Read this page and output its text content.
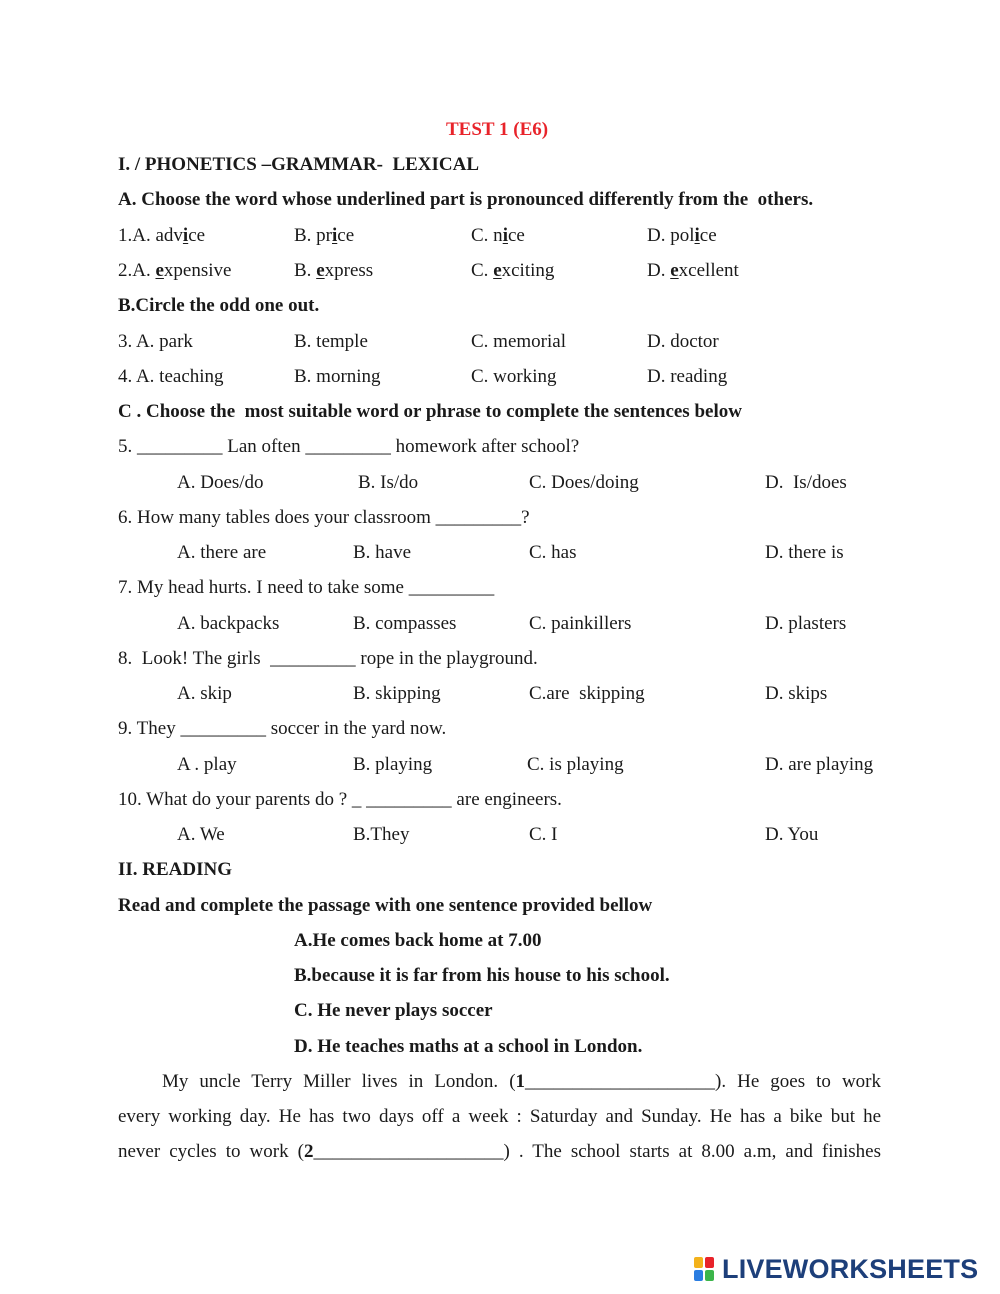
TEST 1 (E6)
I. / PHONETICS –GRAMMAR-  LEXICAL
A. Choose the word whose underlined part is pronounced differently from the  others.
1.A. advice	B. price	C. nice	D. police
2.A. expensive	B. express	C. exciting	D. excellent
B.Circle the odd one out.
3. A. park	B. temple	C. memorial	D. doctor
4. A. teaching	B. morning	C. working	D. reading
C . Choose the  most suitable word or phrase to complete the sentences below
5. _________ Lan often _________ homework after school?
A. Does/do	B. Is/do	C. Does/doing	D.  Is/does
6. How many tables does your classroom _________?
A. there are	B. have	C. has	D. there is
7. My head hurts. I need to take some _________
A. backpacks	B. compasses	C. painkillers	D. plasters
8.  Look! The girls  _________ rope in the playground.
A. skip	B. skipping	C.are  skipping	D. skips
9. They _________ soccer in the yard now.
A . play	B. playing	C. is playing	D. are playing
10. What do your parents do ? _ _________ are engineers.
A. We	B.They	C. I	D. You
II. READING
Read and complete the passage with one sentence provided bellow
A.He comes back home at 7.00
B.because it is far from his house to his school.
C. He never plays soccer
D. He teaches maths at a school in London.
My uncle Terry Miller lives in London. (1____________________). He goes to work
every working day. He has two days off a week : Saturday and Sunday. He has a bike but he
never cycles to work (2____________________) . The school starts at 8.00 a.m, and finishes
LIVEWORKSHEETS
